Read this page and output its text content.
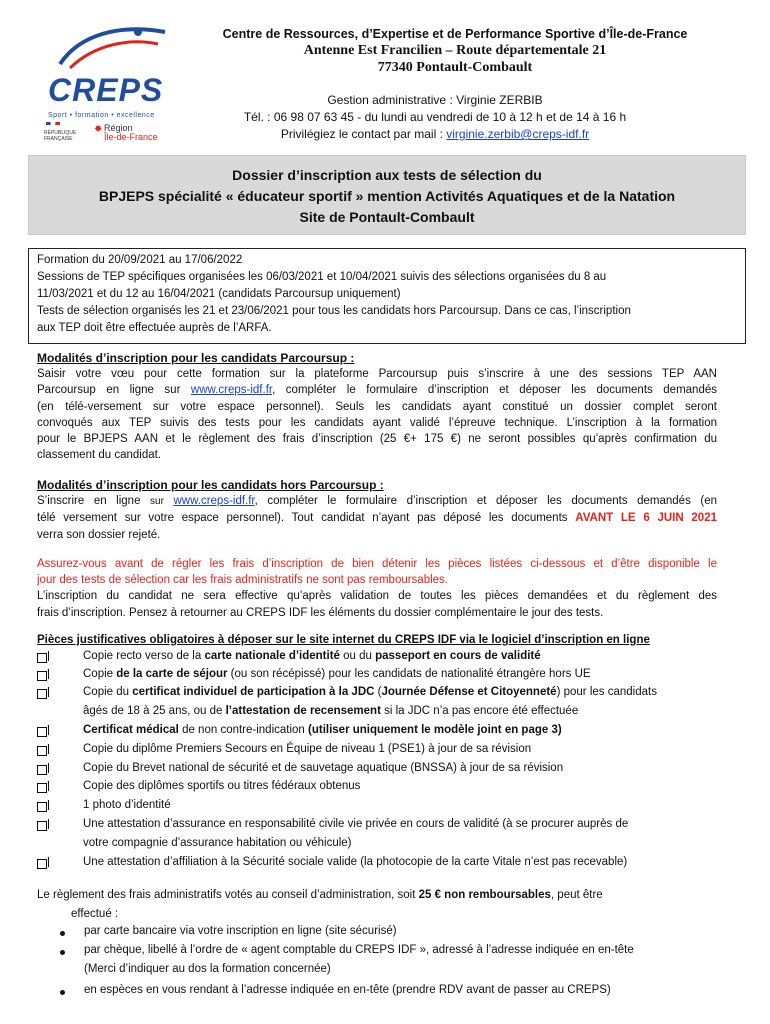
CREPS
Sport • formation • excellence
RÉPUBLIQUE FRANÇAISE
✸ Région
Île-de-France
Centre de Ressources, d’Expertise et de Performance Sportive d’Île-de-France
Antenne Est Francilien – Route départementale 21
77340 Pontault-Combault
Gestion administrative : Virginie ZERBIB
Tél. : 06 98 07 63 45 - du lundi au vendredi de 10 à 12 h et de 14 à 16 h
Privilégiez le contact par mail : virginie.zerbib@creps-idf.fr
Dossier d’inscription aux tests de sélection du
BPJEPS spécialité « éducateur sportif » mention Activités Aquatiques et de la Natation
Site de Pontault-Combault
Formation du 20/09/2021 au 17/06/2022
Sessions de TEP spécifiques organisées les 06/03/2021 et 10/04/2021 suivis des sélections organisées du 8 au
11/03/2021 et du 12 au 16/04/2021 (candidats Parcoursup uniquement)
Tests de sélection organisés les 21 et 23/06/2021 pour tous les candidats hors Parcoursup. Dans ce cas, l’inscription
aux TEP doit être effectuée auprès de l’ARFA.
Modalités d’inscription pour les candidats Parcoursup :
Saisir votre vœu pour cette formation sur la plateforme Parcoursup puis s’inscrire à une des sessions TEP AAN
Parcoursup en ligne sur www.creps-idf.fr, compléter le formulaire d’inscription et déposer les documents demandés
(en télé-versement sur votre espace personnel). Seuls les candidats ayant constitué un dossier complet seront
convoqués aux TEP suivis des tests pour les candidats ayant validé l’épreuve technique. L’inscription à la formation
pour le BPJEPS AAN et le règlement des frais d’inscription (25 €+ 175 €) ne seront possibles qu’après confirmation du
classement du candidat.
Modalités d’inscription pour les candidats hors Parcoursup :
S’inscrire en ligne sur www.creps-idf.fr, compléter le formulaire d’inscription et déposer les documents demandés (en
télé versement sur votre espace personnel). Tout candidat n’ayant pas déposé les documents AVANT LE 6 JUIN 2021
verra son dossier rejeté.
Assurez-vous avant de régler les frais d’inscription de bien détenir les pièces listées ci-dessous et d’être disponible le
jour des tests de sélection car les frais administratifs ne sont pas remboursables.
L’inscription du candidat ne sera effective qu’après validation de toutes les pièces demandées et du règlement des
frais d’inscription. Pensez à retourner au CREPS IDF les éléments du dossier complémentaire le jour des tests.
Pièces justificatives obligatoires à déposer sur le site internet du CREPS IDF via le logiciel d’inscription en ligne
Copie recto verso de la carte nationale d’identité ou du passeport en cours de validité
Copie de la carte de séjour (ou son récépissé) pour les candidats de nationalité étrangère hors UE
Copie du certificat individuel de participation à la JDC (Journée Défense et Citoyenneté) pour les candidats
âgés de 18 à 25 ans, ou de l’attestation de recensement si la JDC n’a pas encore été effectuée
Certificat médical de non contre-indication (utiliser uniquement le modèle joint en page 3)
Copie du diplôme Premiers Secours en Équipe de niveau 1 (PSE1) à jour de sa révision
Copie du Brevet national de sécurité et de sauvetage aquatique (BNSSA) à jour de sa révision
Copie des diplômes sportifs ou titres fédéraux obtenus
1 photo d’identité
Une attestation d’assurance en responsabilité civile vie privée en cours de validité (à se procurer auprès de
votre compagnie d’assurance habitation ou véhicule)
Une attestation d’affiliation à la Sécurité sociale valide (la photocopie de la carte Vitale n’est pas recevable)
Le règlement des frais administratifs votés au conseil d’administration, soit 25 € non remboursables, peut être
effectué :
par carte bancaire via votre inscription en ligne (site sécurisé)
par chèque, libellé à l’ordre de « agent comptable du CREPS IDF », adressé à l’adresse indiquée en en-tête
(Merci d’indiquer au dos la formation concernée)
en espèces en vous rendant à l’adresse indiquée en en-tête (prendre RDV avant de passer au CREPS)
